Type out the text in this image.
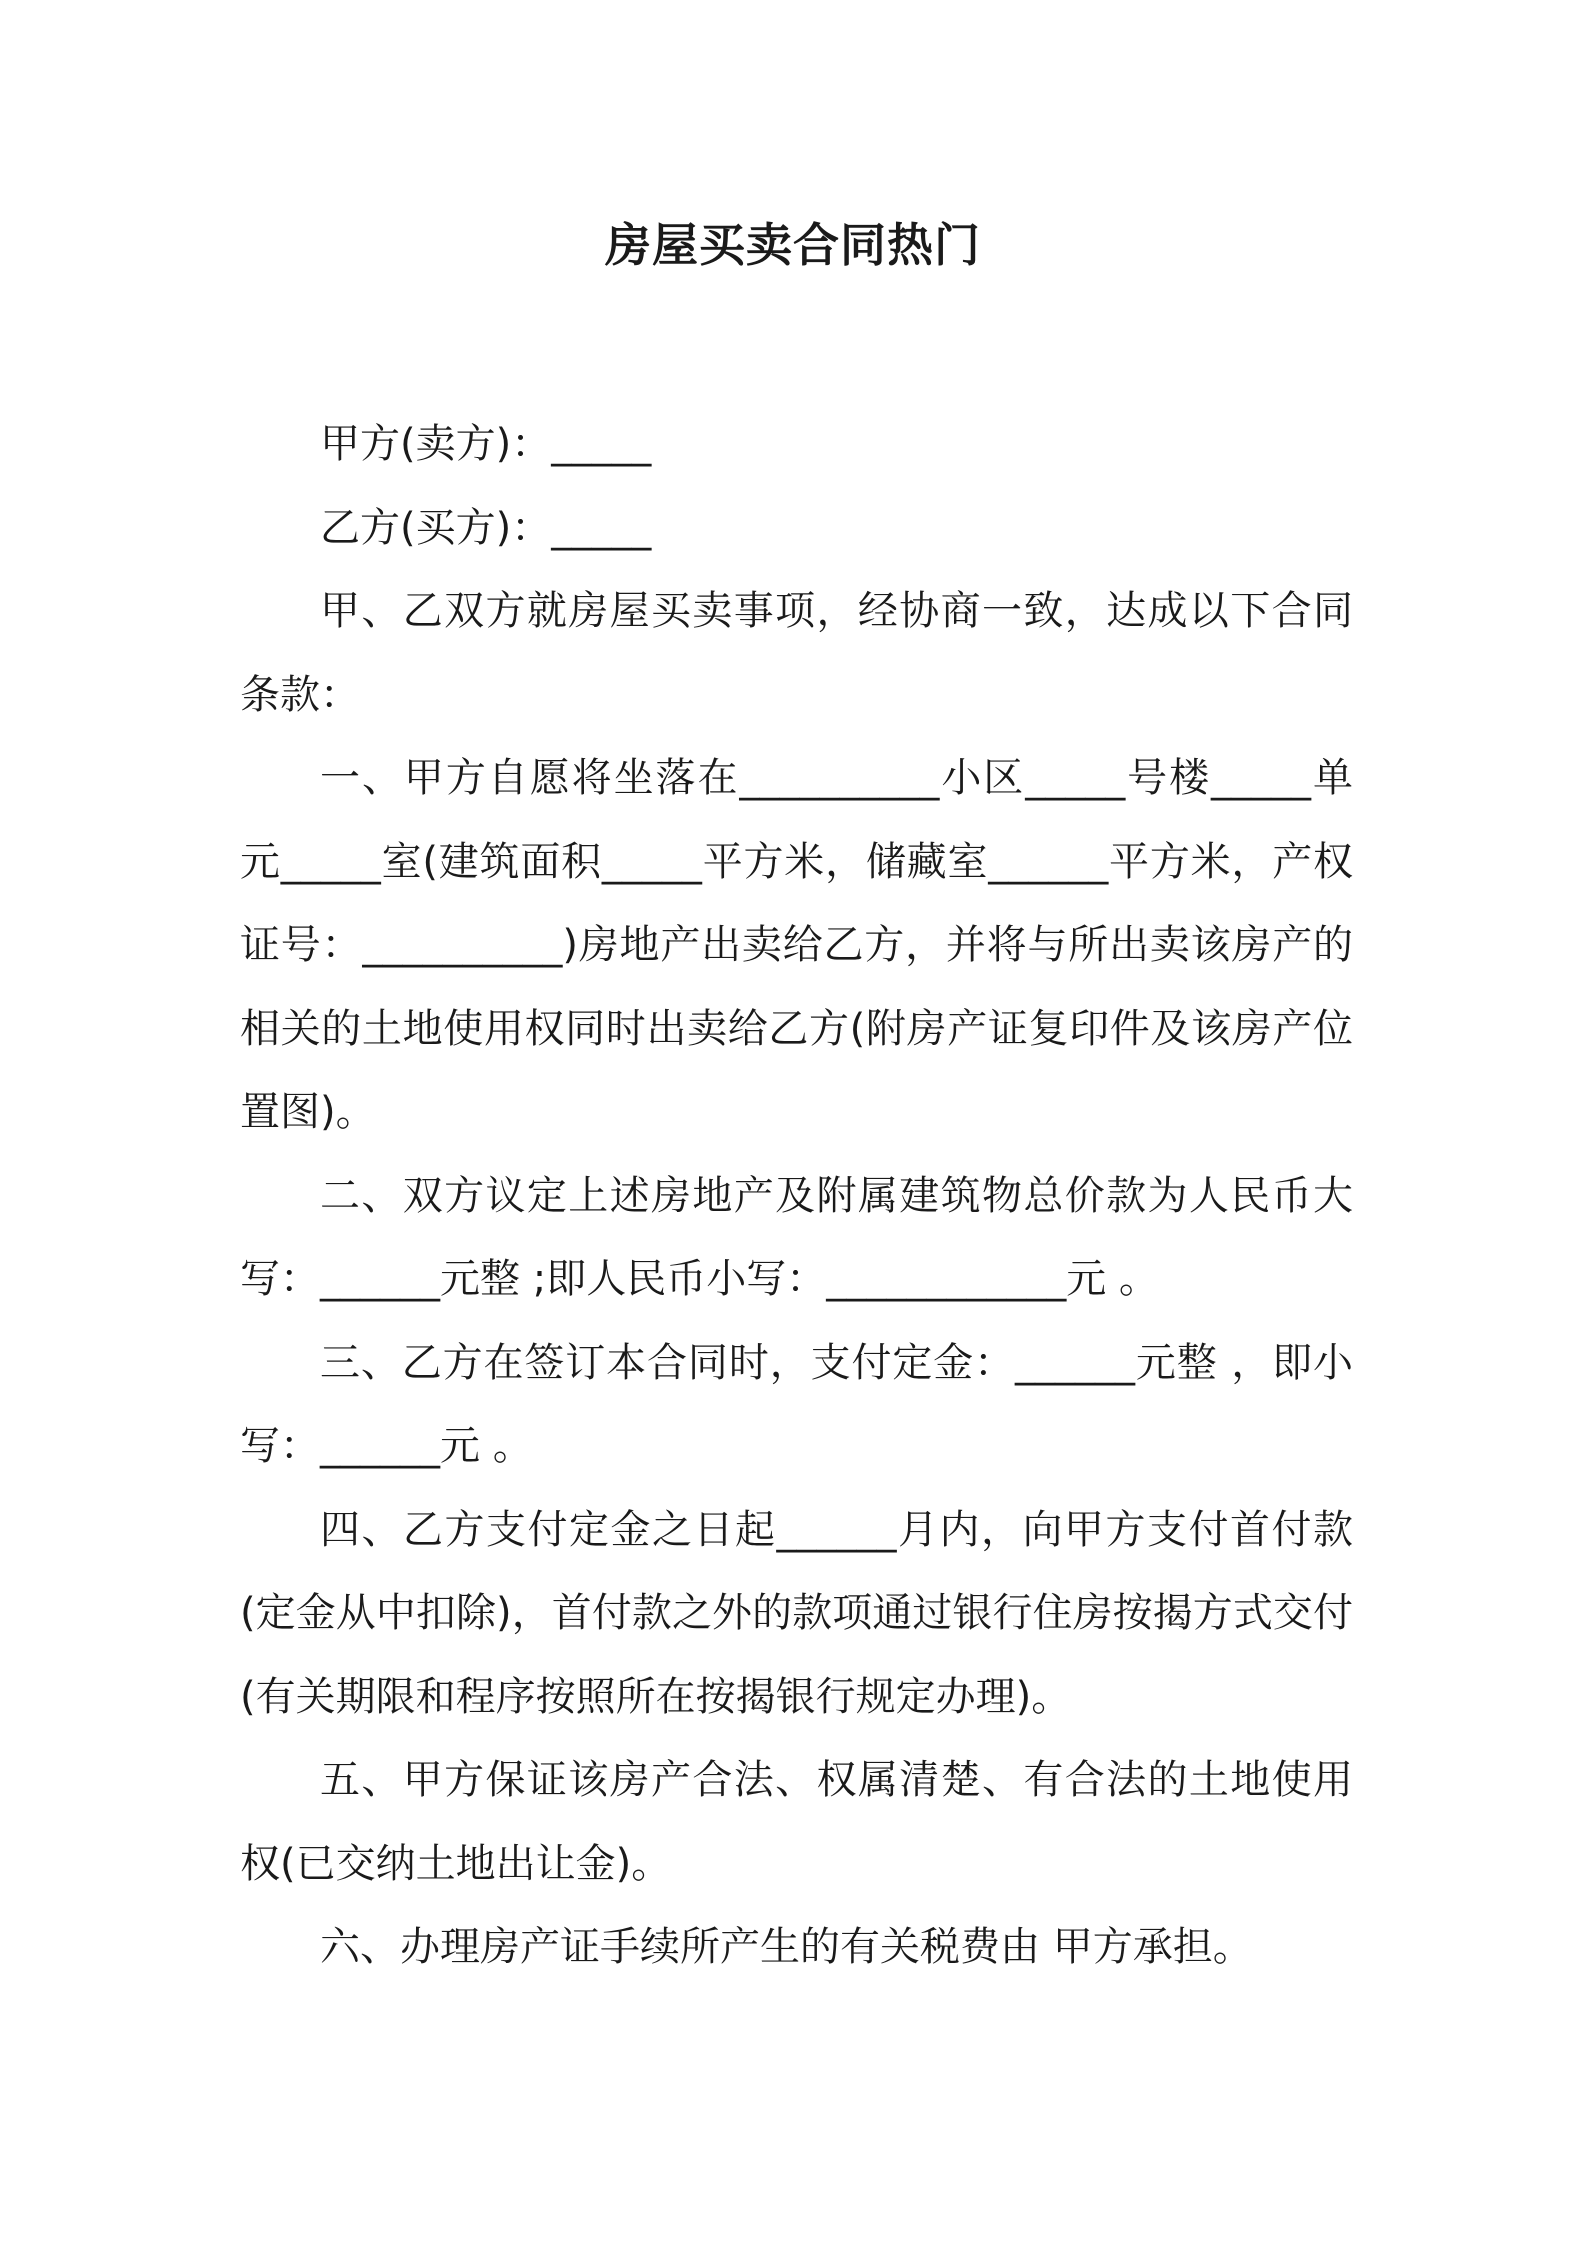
房屋买卖合同热门

甲方(卖方)：_____

乙方(买方)：_____

甲、乙双方就房屋买卖事项，经协商一致，达成以下合同条款：

一、甲方自愿将坐落在__________小区_____号楼_____单元_____室(建筑面积_____平方米，储藏室______平方米，产权证号：__________)房地产出卖给乙方，并将与所出卖该房产的相关的土地使用权同时出卖给乙方(附房产证复印件及该房产位置图)。

二、双方议定上述房地产及附属建筑物总价款为人民币大写：______元整 ;即人民币小写：____________元 。

三、乙方在签订本合同时，支付定金：______元整 ，即小写：______元 。

四、乙方支付定金之日起______月内，向甲方支付首付款(定金从中扣除)，首付款之外的款项通过银行住房按揭方式交付(有关期限和程序按照所在按揭银行规定办理)。

五、甲方保证该房产合法、权属清楚、有合法的土地使用权(已交纳土地出让金)。

六、办理房产证手续所产生的有关税费由 甲方承担。
